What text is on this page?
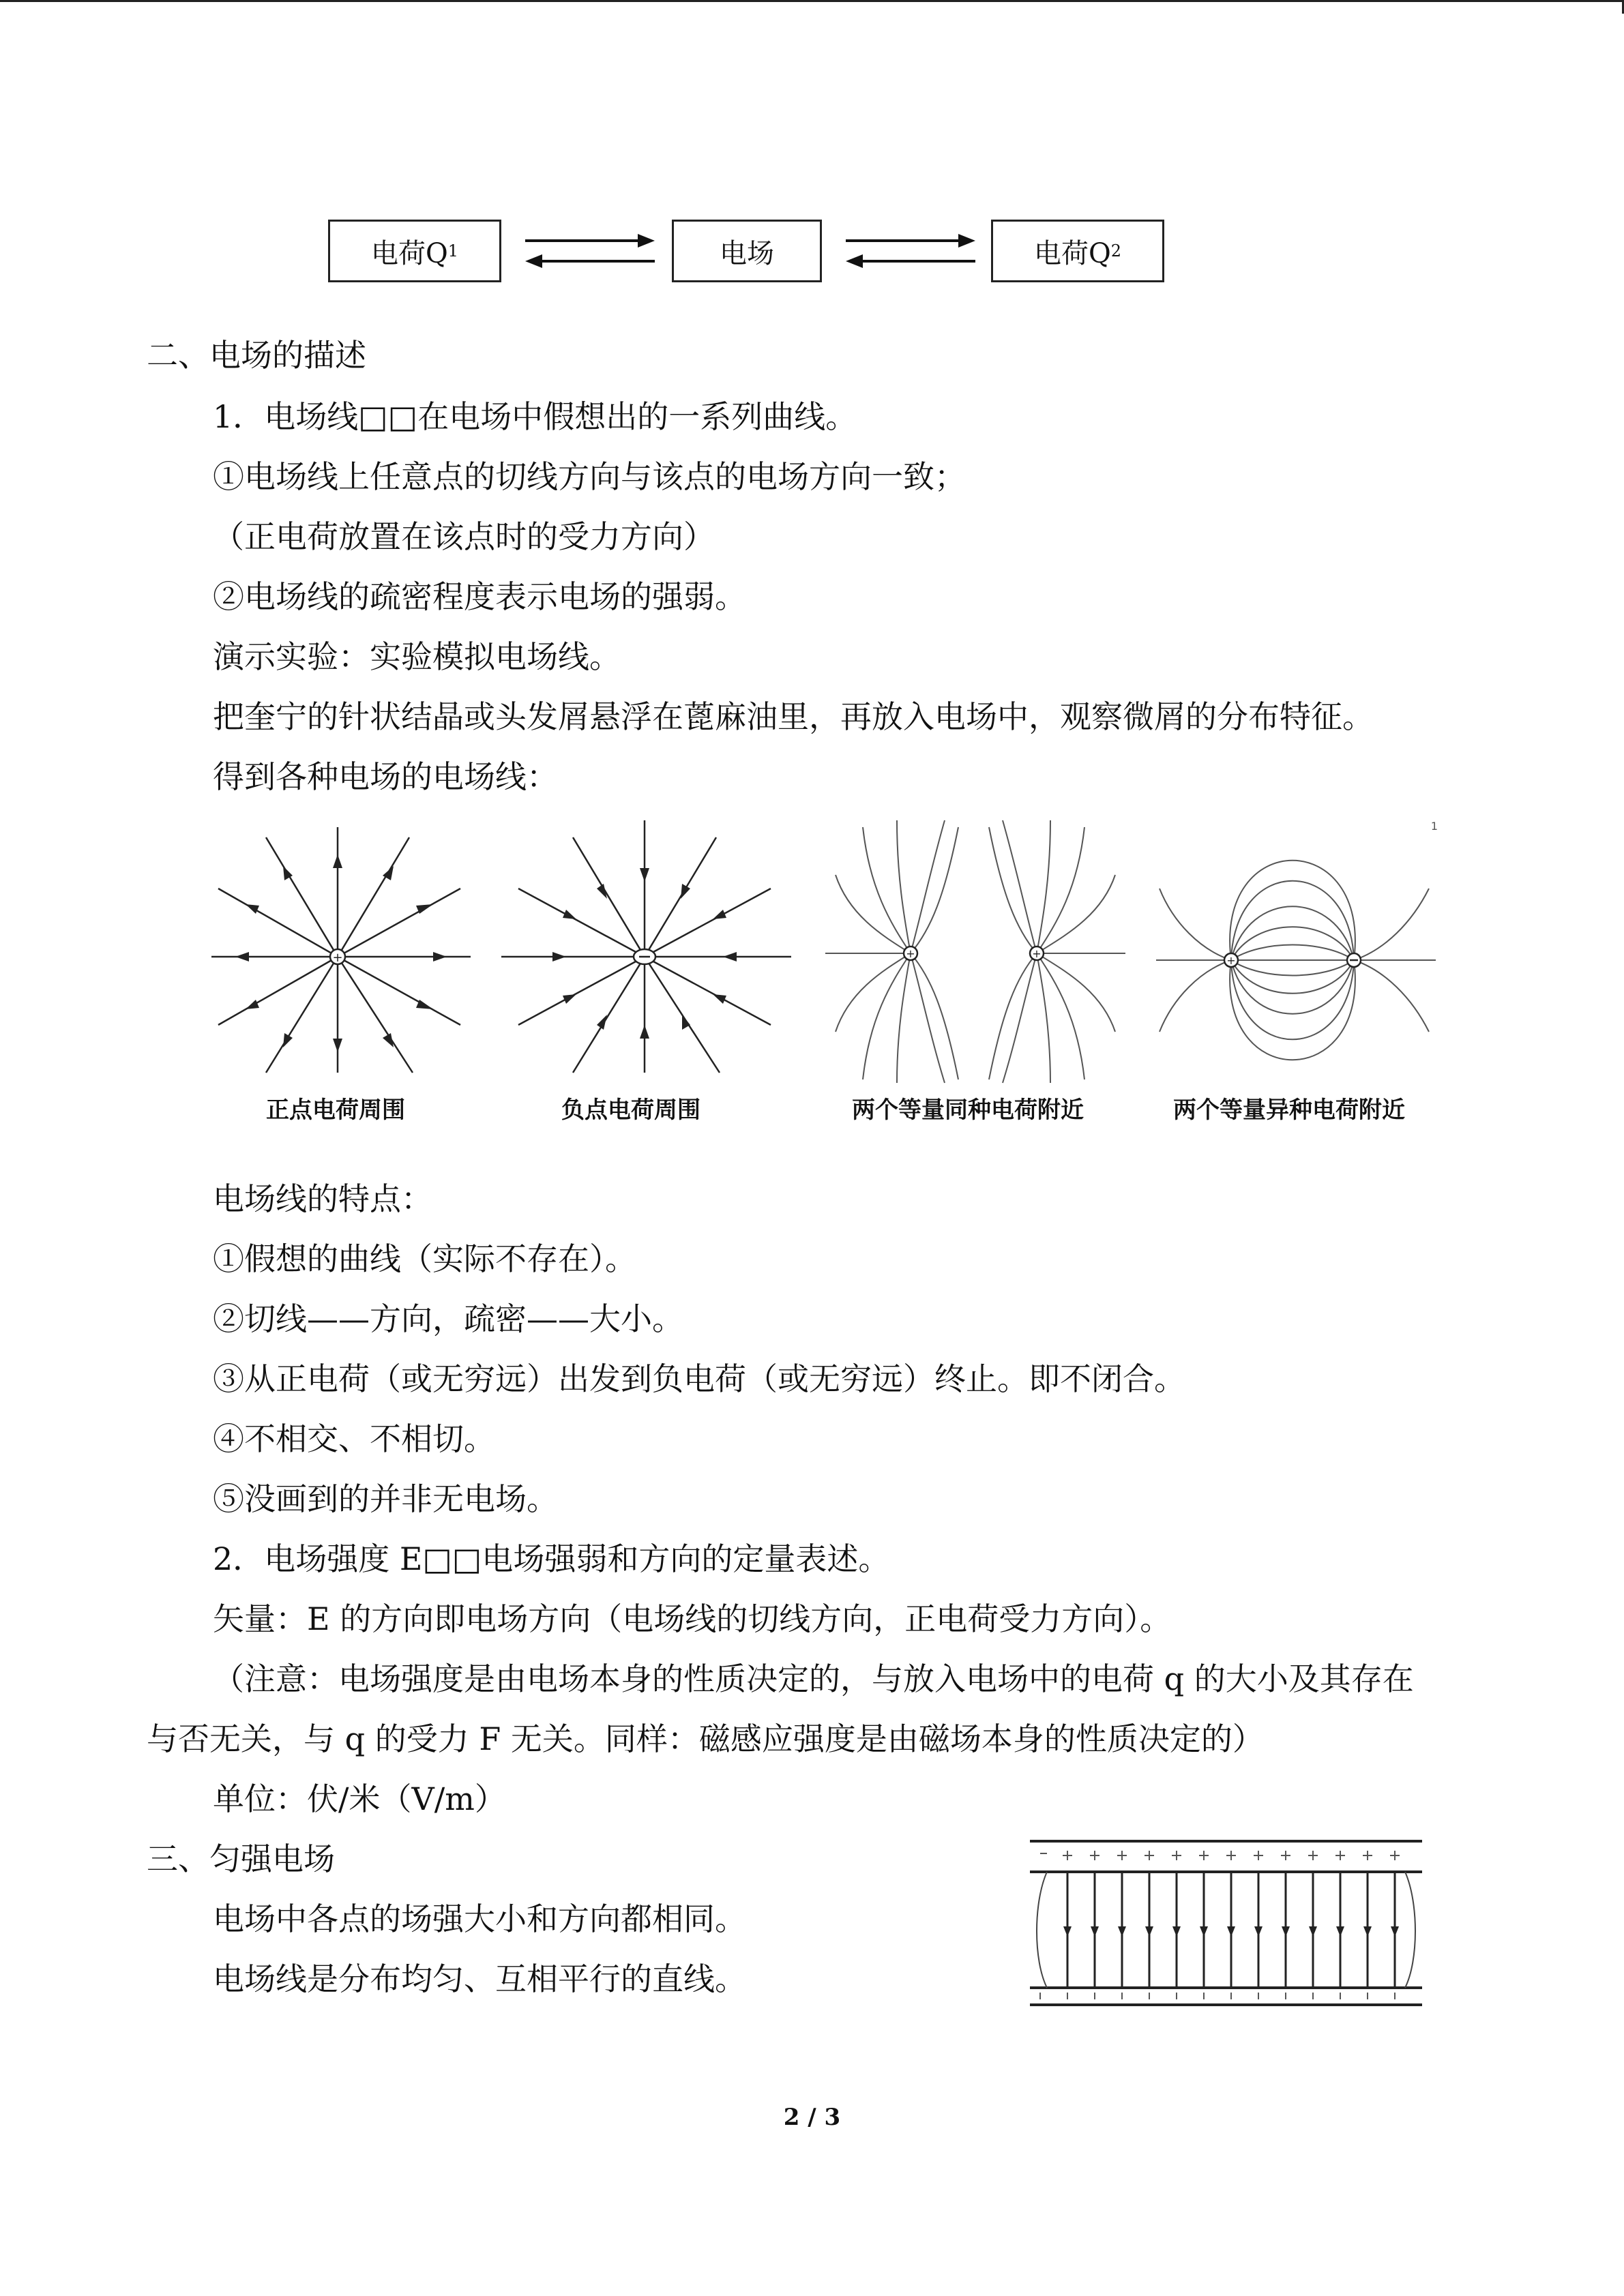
电荷Q 1	电场	电荷Q 2
二、电场的描述
1．电场线□□在电场中假想出的一系列曲线。
①电场线上任意点的切线方向与该点的电场方向一致；
（正电荷放置在该点时的受力方向）
②电场线的疏密程度表示电场的强弱。
演示实验：实验模拟电场线。
把奎宁的针状结晶或头发屑悬浮在蓖麻油里，再放入电场中，观察微屑的分布特征。
得到各种电场的电场线：
+	+	+
+
1
正点电荷周围	负点电荷周围	两个等量同种电荷附近	两个等量异种电荷附近
电场线的特点：
①假想的曲线（实际不存在）。
②切线——方向，疏密——大小。
③从正电荷（或无穷远）出发到负电荷（或无穷远）终止。即不闭合。
④不相交、不相切。
⑤没画到的并非无电场。
2．电场强度 E□□电场强弱和方向的定量表述。
矢量：E 的方向即电场方向（电场线的切线方向，正电荷受力方向）。
（注意：电场强度是由电场本身的性质决定的，与放入电场中的电荷 q 的大小及其存在
与否无关，与 q 的受力 F 无关。同样：磁感应强度是由磁场本身的性质决定的）
单位：伏/米（V/m）
三、匀强电场
电场中各点的场强大小和方向都相同。
电场线是分布均匀、互相平行的直线。
2 / 3
